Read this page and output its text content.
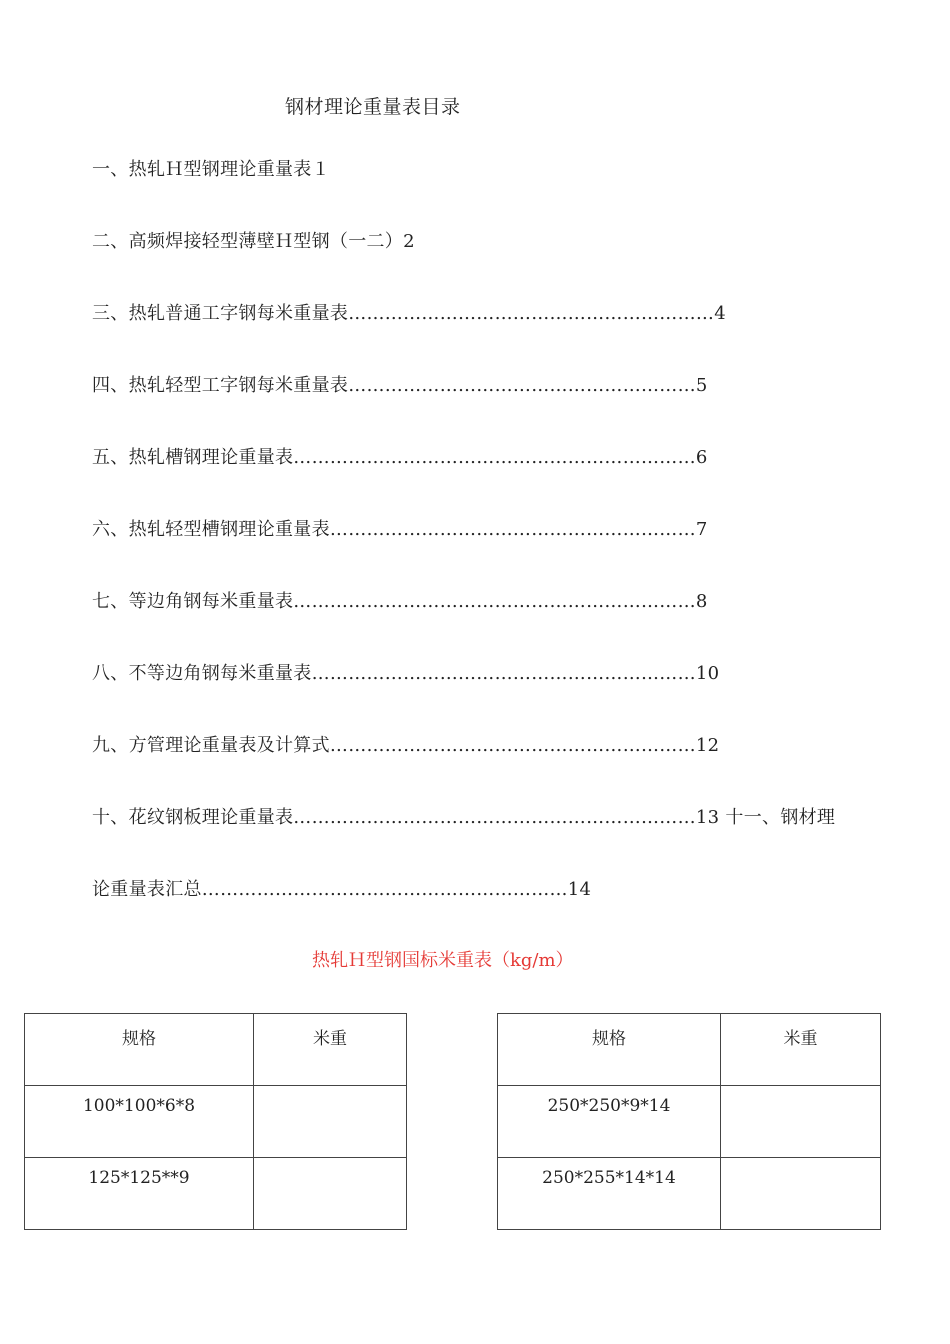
钢材理论重量表目录
一、热轧Ｈ型钢理论重量表１
二、高频焊接轻型薄壁Ｈ型钢（一二）2
三、热轧普通工字钢每米重量表……………………………………………………4
四、热轧轻型工字钢每米重量表…………………………………………………5
五、热轧槽钢理论重量表…………………………………………………………6
六、热轧轻型槽钢理论重量表……………………………………………………7
七、等边角钢每米重量表…………………………………………………………8
八、不等边角钢每米重量表………………………………………………………10
九、方管理论重量表及计算式……………………………………………………12
十、花纹钢板理论重量表…………………………………………………………13 十一、钢材理
论重量表汇总……………………………………………………14
热轧Ｈ型钢国标米重表（kg/m）
规格	米重
100*100*6*8	
125*125**9	
规格	米重
250*250*9*14	
250*255*14*14	
